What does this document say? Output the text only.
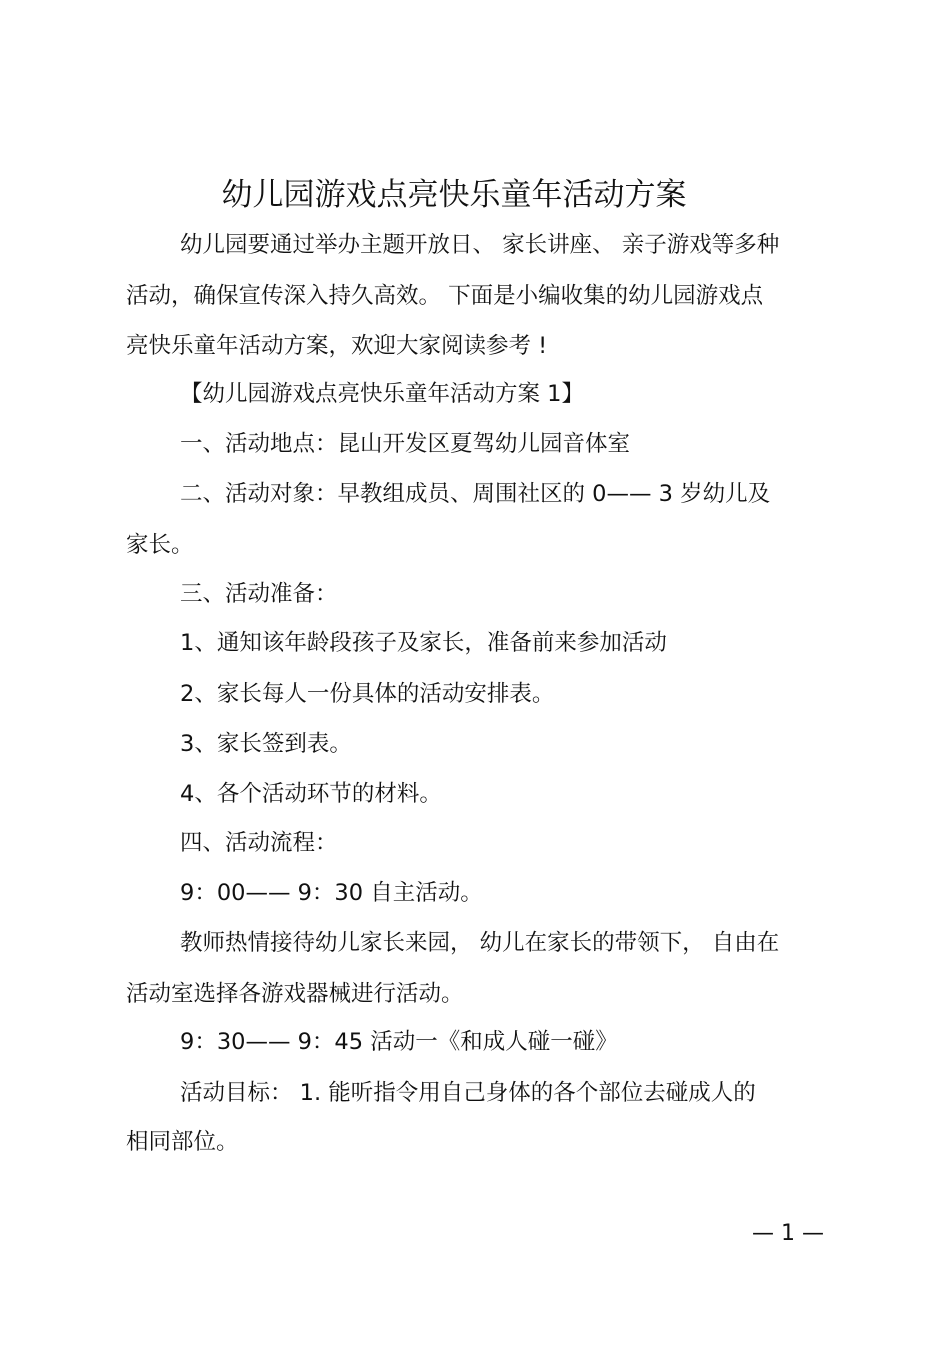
幼儿园游戏点亮快乐童年活动方案
幼儿园要通过举办主题开放日、 家长讲座、 亲子游戏等多种
活动，确保宣传深入持久高效。 下面是小编收集的幼儿园游戏点
亮快乐童年活动方案，欢迎大家阅读参考 !
【幼儿园游戏点亮快乐童年活动方案 1】
一、活动地点：昆山开发区夏驾幼儿园音体室
二、活动对象：早教组成员、周围社区的 0—— 3 岁幼儿及
家长。
三、活动准备：
1、通知该年龄段孩子及家长，准备前来参加活动
2、家长每人一份具体的活动安排表。
3、家长签到表。
4、各个活动环节的材料。
四、活动流程：
9：00—— 9：30 自主活动。
教师热情接待幼儿家长来园， 幼儿在家长的带领下， 自由在
活动室选择各游戏器械进行活动。
9：30—— 9：45 活动一《和成人碰一碰》
活动目标： 1. 能听指令用自己身体的各个部位去碰成人的
相同部位。
— 1 —
